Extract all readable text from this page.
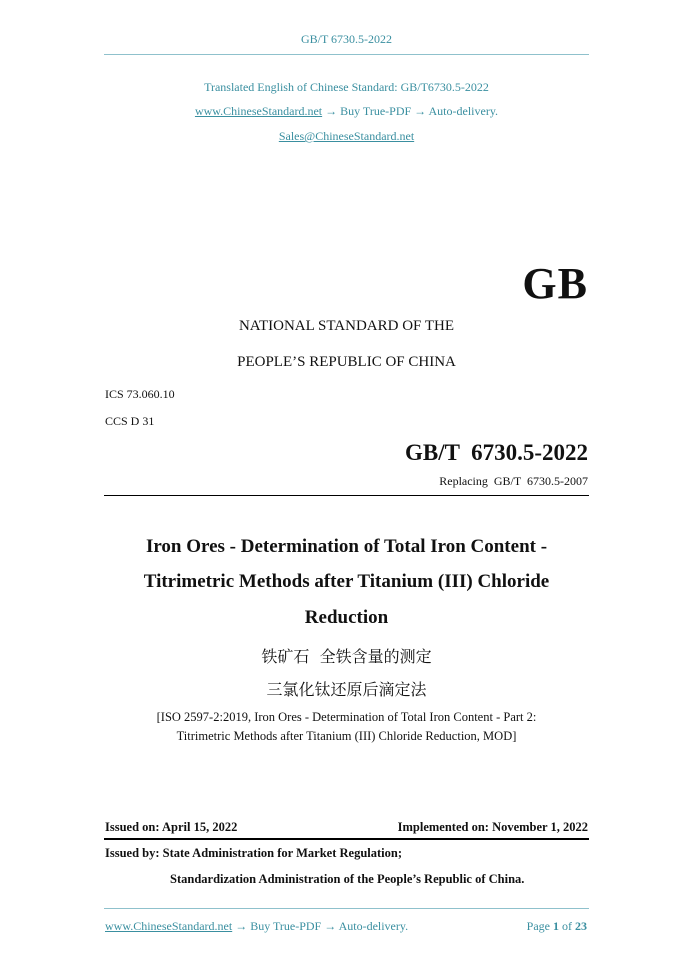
GB/T 6730.5-2022
Translated English of Chinese Standard: GB/T6730.5-2022
www.ChineseStandard.net → Buy True-PDF → Auto-delivery.
Sales@ChineseStandard.net
GB
NATIONAL STANDARD OF THE
PEOPLE’S REPUBLIC OF CHINA
ICS 73.060.10
CCS D 31
GB/T  6730.5-2022
Replacing  GB/T  6730.5-2007
Iron Ores - Determination of Total Iron Content -
Titrimetric Methods after Titanium (III) Chloride
Reduction
铁矿石  全铁含量的测定
三氯化钛还原后滴定法
[ISO 2597-2:2019, Iron Ores - Determination of Total Iron Content - Part 2:
Titrimetric Methods after Titanium (III) Chloride Reduction, MOD]
Issued on: April 15, 2022	Implemented on: November 1, 2022
Issued by: State Administration for Market Regulation;
Standardization Administration of the People’s Republic of China.
www.ChineseStandard.net → Buy True-PDF → Auto-delivery.	Page 1 of 23
